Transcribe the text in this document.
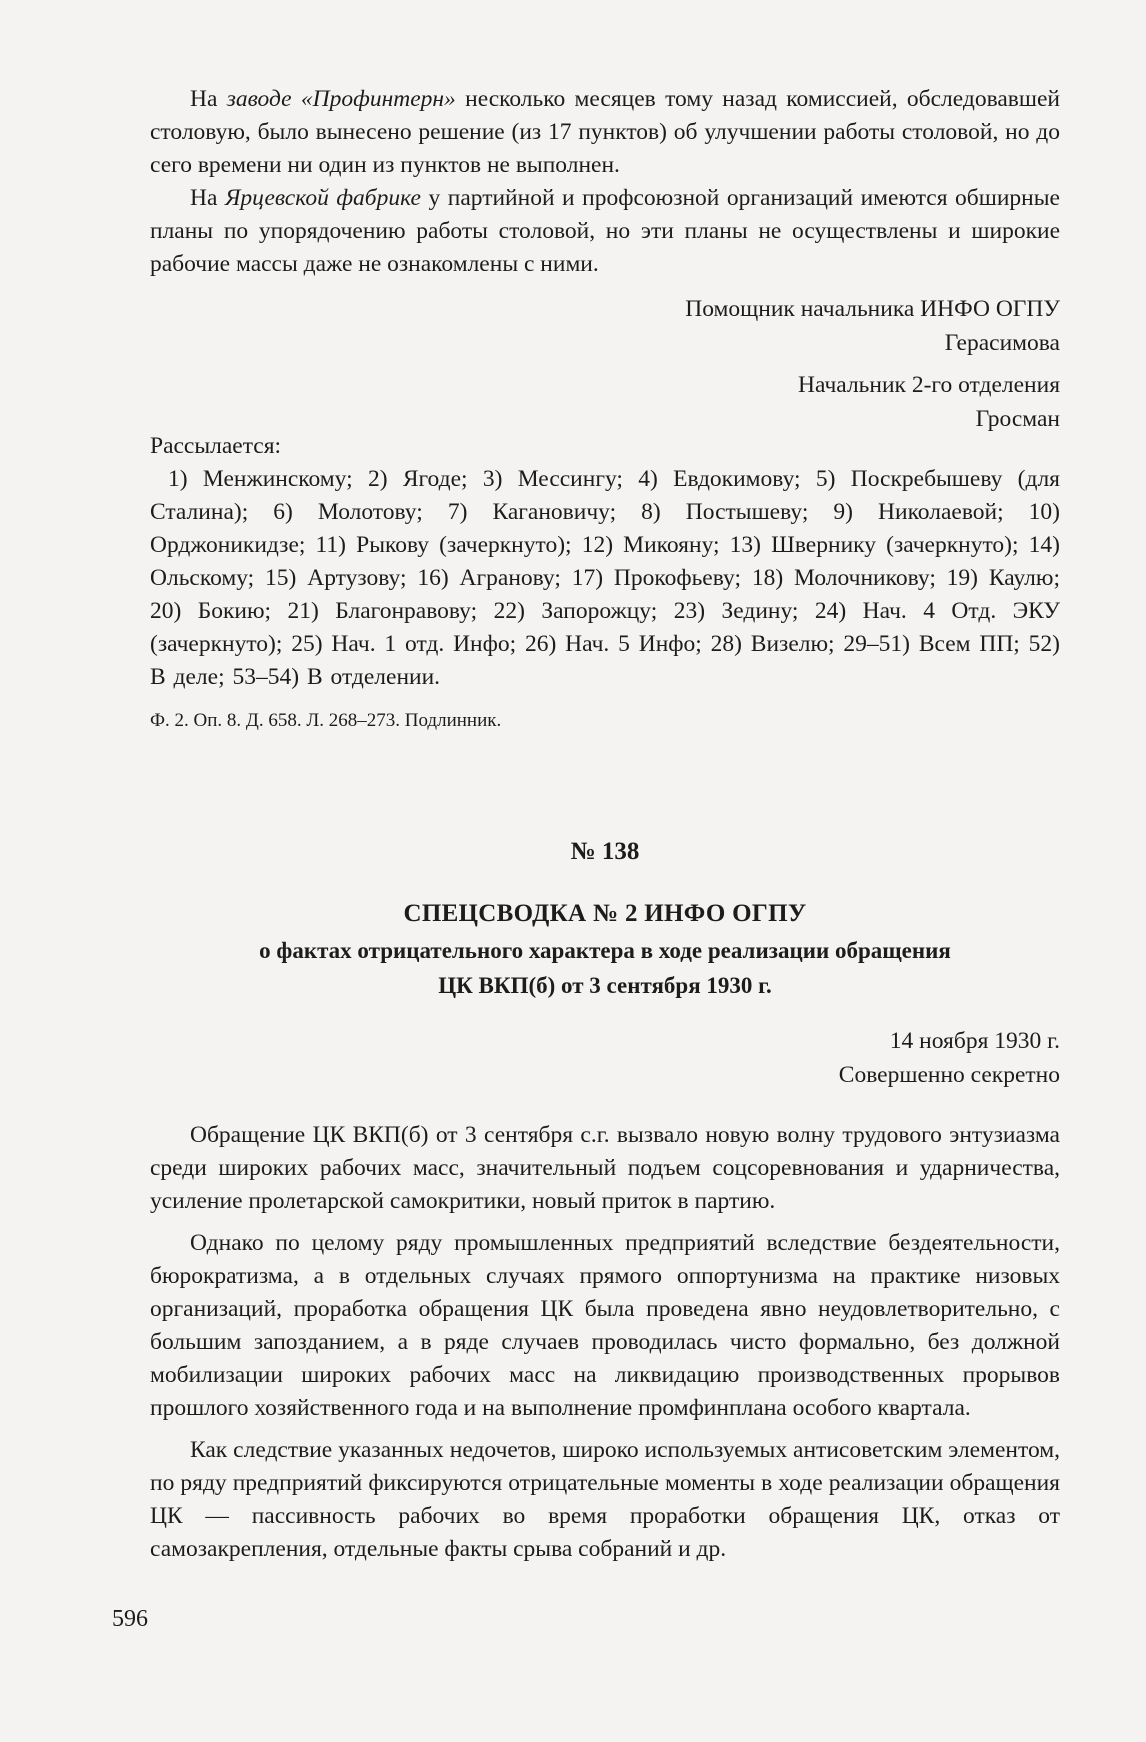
На заводе «Профинтерн» несколько месяцев тому назад комиссией, обследовавшей столовую, было вынесено решение (из 17 пунктов) об улучшении работы столовой, но до сего времени ни один из пунктов не выполнен.

На Ярцевской фабрике у партийной и профсоюзной организаций имеются обширные планы по упорядочению работы столовой, но эти планы не осуществлены и широкие рабочие массы даже не ознакомлены с ними.

Помощник начальника ИНФО ОГПУ

Герасимова

Начальник 2-го отделения

Гросман

Рассылается:

1) Менжинскому; 2) Ягоде; 3) Мессингу; 4) Евдокимову; 5) Поскребышеву (для Сталина); 6) Молотову; 7) Кагановичу; 8) Постышеву; 9) Николаевой; 10) Орджоникидзе; 11) Рыкову (зачеркнуто); 12) Микояну; 13) Швернику (зачеркнуто); 14) Ольскому; 15) Артузову; 16) Агранову; 17) Прокофьеву; 18) Молочникову; 19) Каулю; 20) Бокию; 21) Благонравову; 22) Запорожцу; 23) Зедину; 24) Нач. 4 Отд. ЭКУ (зачеркнуто); 25) Нач. 1 отд. Инфо; 26) Нач. 5 Инфо; 28) Визелю; 29–51) Всем ПП; 52) В деле; 53–54) В отделении.

Ф. 2. Оп. 8. Д. 658. Л. 268–273. Подлинник.

№ 138

СПЕЦСВОДКА № 2 ИНФО ОГПУ

о фактах отрицательного характера в ходе реализации обращения

ЦК ВКП(б) от 3 сентября 1930 г.

14 ноября 1930 г.

Совершенно секретно

Обращение ЦК ВКП(б) от 3 сентября с.г. вызвало новую волну трудового энтузиазма среди широких рабочих масс, значительный подъем соцсоревнования и ударничества, усиление пролетарской самокритики, новый приток в партию.

Однако по целому ряду промышленных предприятий вследствие бездеятельности, бюрократизма, а в отдельных случаях прямого оппортунизма на практике низовых организаций, проработка обращения ЦК была проведена явно неудовлетворительно, с большим запозданием, а в ряде случаев проводилась чисто формально, без должной мобилизации широких рабочих масс на ликвидацию производственных прорывов прошлого хозяйственного года и на выполнение промфинплана особого квартала.

Как следствие указанных недочетов, широко используемых антисоветским элементом, по ряду предприятий фиксируются отрицательные моменты в ходе реализации обращения ЦК — пассивность рабочих во время проработки обращения ЦК, отказ от самозакрепления, отдельные факты срыва собраний и др.

596
